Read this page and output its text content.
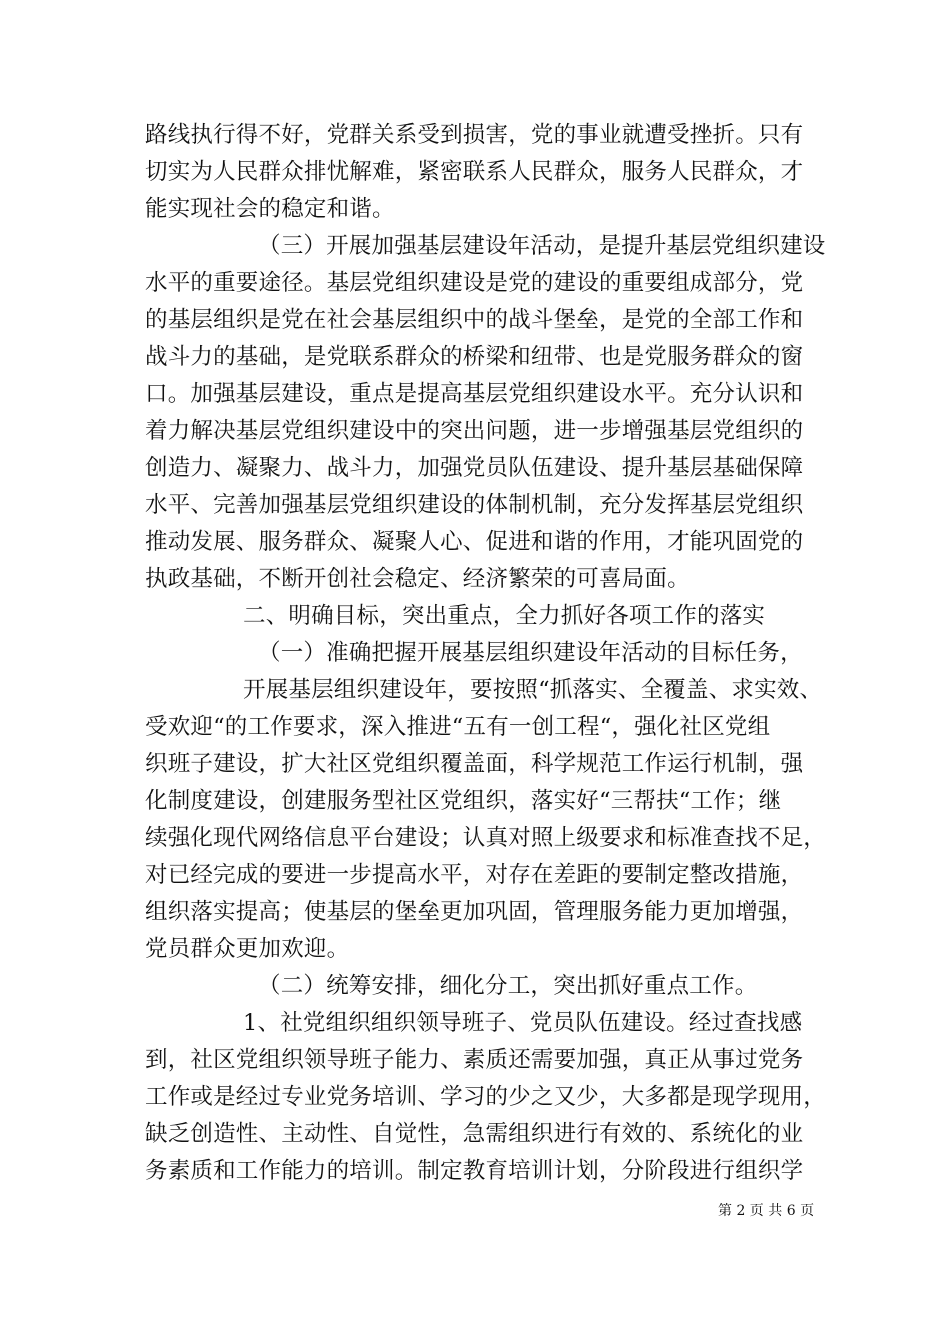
路线执行得不好，党群关系受到损害，党的事业就遭受挫折。只有
切实为人民群众排忧解难，紧密联系人民群众，服务人民群众，才
能实现社会的稳定和谐。
（三）开展加强基层建设年活动，是提升基层党组织建设
水平的重要途径。基层党组织建设是党的建设的重要组成部分，党
的基层组织是党在社会基层组织中的战斗堡垒，是党的全部工作和
战斗力的基础，是党联系群众的桥梁和纽带、也是党服务群众的窗
口。加强基层建设，重点是提高基层党组织建设水平。充分认识和
着力解决基层党组织建设中的突出问题，进一步增强基层党组织的
创造力、凝聚力、战斗力，加强党员队伍建设、提升基层基础保障
水平、完善加强基层党组织建设的体制机制，充分发挥基层党组织
推动发展、服务群众、凝聚人心、促进和谐的作用，才能巩固党的
执政基础，不断开创社会稳定、经济繁荣的可喜局面。
二、明确目标，突出重点，全力抓好各项工作的落实
（一）准确把握开展基层组织建设年活动的目标任务，
开展基层组织建设年，要按照“抓落实、全覆盖、求实效、
受欢迎“的工作要求，深入推进“五有一创工程“，强化社区党组
织班子建设，扩大社区党组织覆盖面，科学规范工作运行机制，强
化制度建设，创建服务型社区党组织，落实好“三帮扶“工作；继
续强化现代网络信息平台建设；认真对照上级要求和标准查找不足，
对已经完成的要进一步提高水平，对存在差距的要制定整改措施，
组织落实提高；使基层的堡垒更加巩固，管理服务能力更加增强，
党员群众更加欢迎。
（二）统筹安排，细化分工，突出抓好重点工作。
1、社党组织组织领导班子、党员队伍建设。经过查找感
到，社区党组织领导班子能力、素质还需要加强，真正从事过党务
工作或是经过专业党务培训、学习的少之又少，大多都是现学现用，
缺乏创造性、主动性、自觉性，急需组织进行有效的、系统化的业
务素质和工作能力的培训。制定教育培训计划，分阶段进行组织学
第 2 页 共 6 页
